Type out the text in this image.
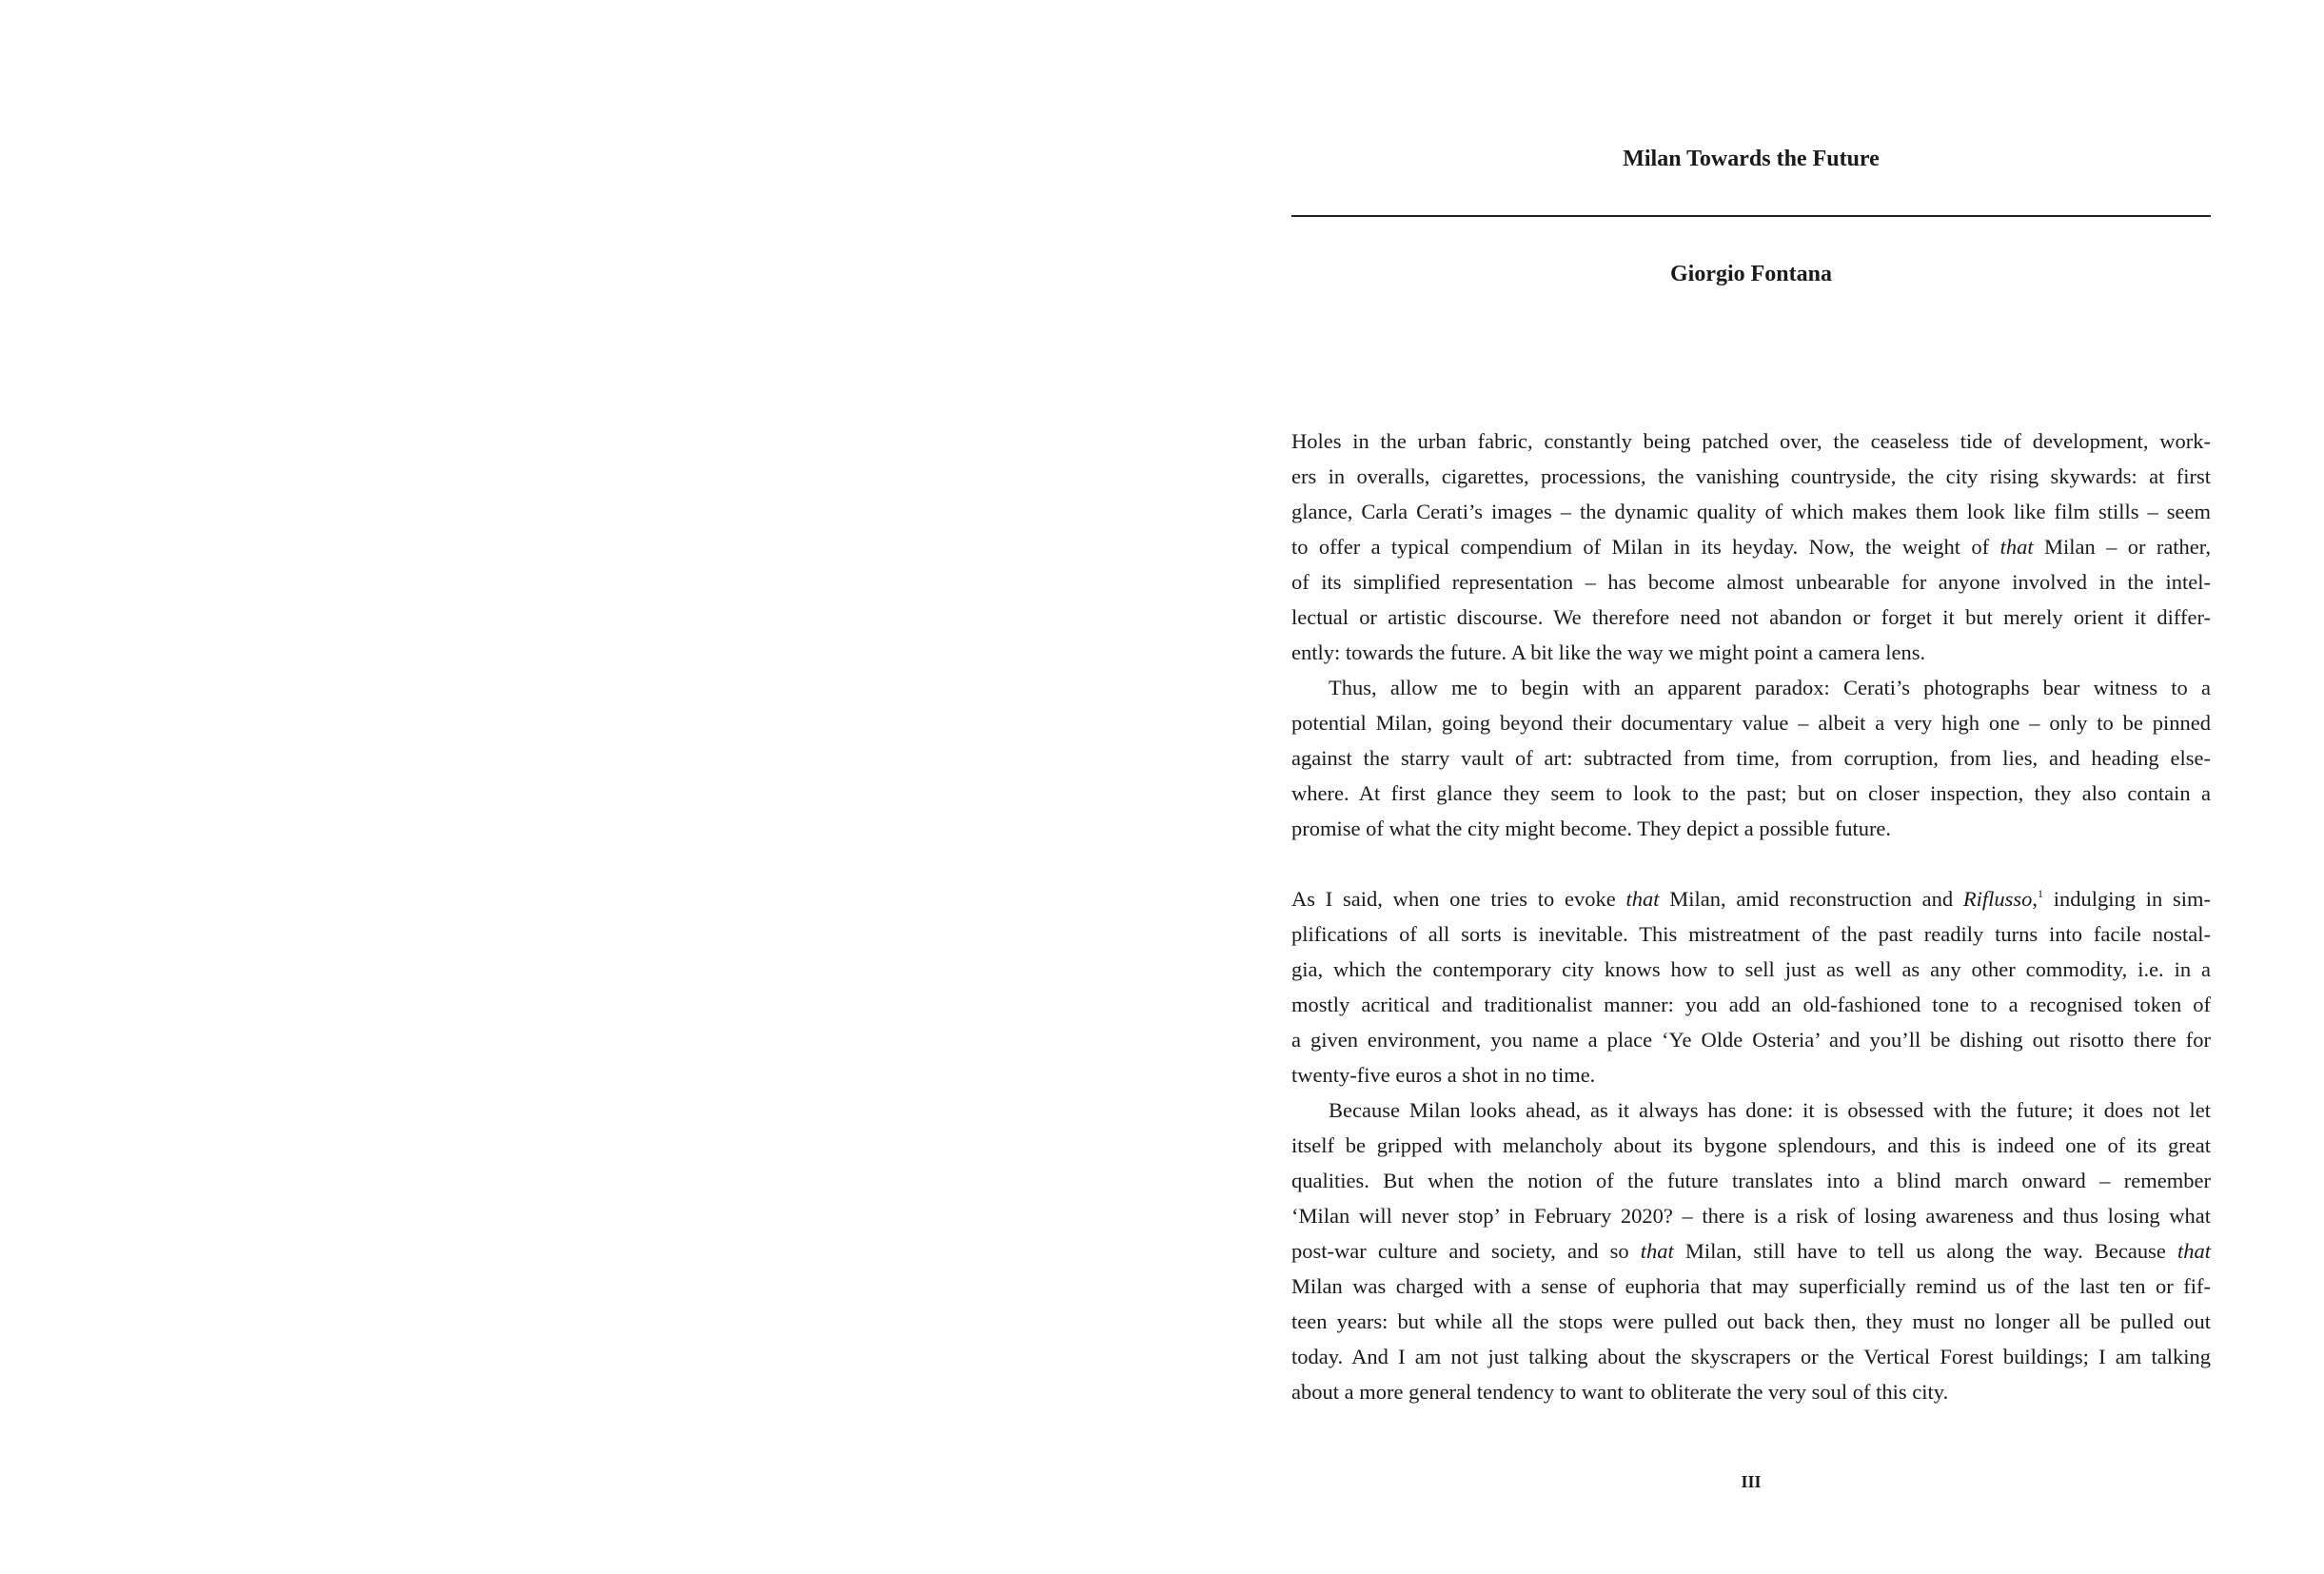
Milan Towards the Future
Giorgio Fontana
Holes in the urban fabric, constantly being patched over, the ceaseless tide of development, work-
ers in overalls, cigarettes, processions, the vanishing countryside, the city rising skywards: at first
glance, Carla Cerati’s images – the dynamic quality of which makes them look like film stills – seem
to offer a typical compendium of Milan in its heyday. Now, the weight of that Milan – or rather,
of its simplified representation – has become almost unbearable for anyone involved in the intel-
lectual or artistic discourse. We therefore need not abandon or forget it but merely orient it differ-
ently: towards the future. A bit like the way we might point a camera lens.
Thus, allow me to begin with an apparent paradox: Cerati’s photographs bear witness to a
potential Milan, going beyond their documentary value – albeit a very high one – only to be pinned
against the starry vault of art: subtracted from time, from corruption, from lies, and heading else-
where. At first glance they seem to look to the past; but on closer inspection, they also contain a
promise of what the city might become. They depict a possible future.
As I said, when one tries to evoke that Milan, amid reconstruction and Riflusso,$^1$ indulging in sim-
plifications of all sorts is inevitable. This mistreatment of the past readily turns into facile nostal-
gia, which the contemporary city knows how to sell just as well as any other commodity, i.e. in a
mostly acritical and traditionalist manner: you add an old-fashioned tone to a recognised token of
a given environment, you name a place ‘Ye Olde Osteria’ and you’ll be dishing out risotto there for
twenty-five euros a shot in no time.
Because Milan looks ahead, as it always has done: it is obsessed with the future; it does not let
itself be gripped with melancholy about its bygone splendours, and this is indeed one of its great
qualities. But when the notion of the future translates into a blind march onward – remember
‘Milan will never stop’ in February 2020? – there is a risk of losing awareness and thus losing what
post-war culture and society, and so that Milan, still have to tell us along the way. Because that
Milan was charged with a sense of euphoria that may superficially remind us of the last ten or fif-
teen years: but while all the stops were pulled out back then, they must no longer all be pulled out
today. And I am not just talking about the skyscrapers or the Vertical Forest buildings; I am talking
about a more general tendency to want to obliterate the very soul of this city.
III
